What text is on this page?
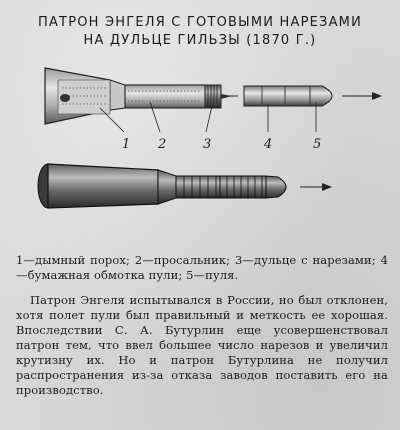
ПАТРОН ЭНГЕЛЯ С ГОТОВЫМИ НАРЕЗАМИ
НА ДУЛЬЦЕ ГИЛЬЗЫ (1870 Г.)
1 2	3	4	5
1—дымный порох; 2—просальник; 3—дульце с нарезами; 4—бумажная обмотка пули; 5—пуля.
Патрон Энгеля испытывался в России, но был отклонен, хотя полет пули был правильный и меткость ее хорошая. Впоследствии С. А. Бутурлин еще усовершенствовал патрон тем, что ввел большее число нарезов и увеличил крутизну их. Но и патрон Бутурлина не получил распространения из-за отказа заводов поставить его на производство.
